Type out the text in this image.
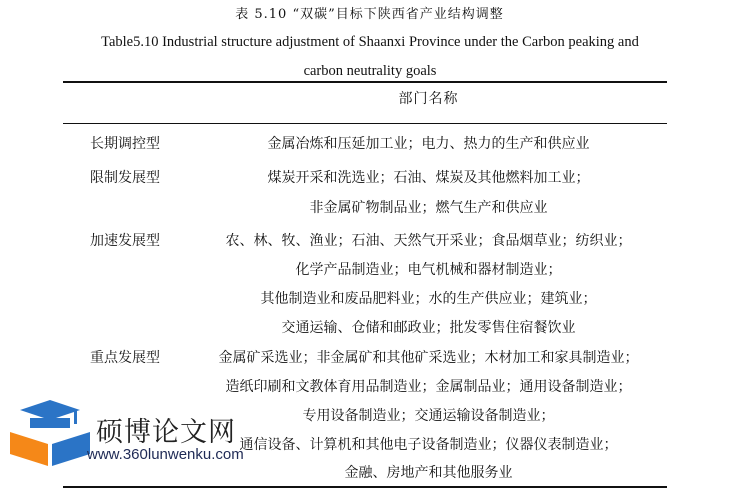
表 5.10 “双碳”目标下陕西省产业结构调整
Table5.10 Industrial structure adjustment of Shaanxi Province under the Carbon peaking and
carbon neutrality goals
部门名称
长期调控型	金属冶炼和压延加工业；电力、热力的生产和供应业
限制发展型	煤炭开采和洗选业；石油、煤炭及其他燃料加工业；
非金属矿物制品业；燃气生产和供应业
加速发展型	农、林、牧、渔业；石油、天然气开采业；食品烟草业；纺织业；
化学产品制造业；电气机械和器材制造业；
其他制造业和废品肥料业；水的生产供应业；建筑业；
交通运输、仓储和邮政业；批发零售住宿餐饮业
重点发展型	金属矿采选业；非金属矿和其他矿采选业；木材加工和家具制造业；
造纸印刷和文教体育用品制造业；金属制品业；通用设备制造业；
专用设备制造业；交通运输设备制造业；
通信设备、计算机和其他电子设备制造业；仪器仪表制造业；
金融、房地产和其他服务业
硕博论文网
www.360lunwenku.com
